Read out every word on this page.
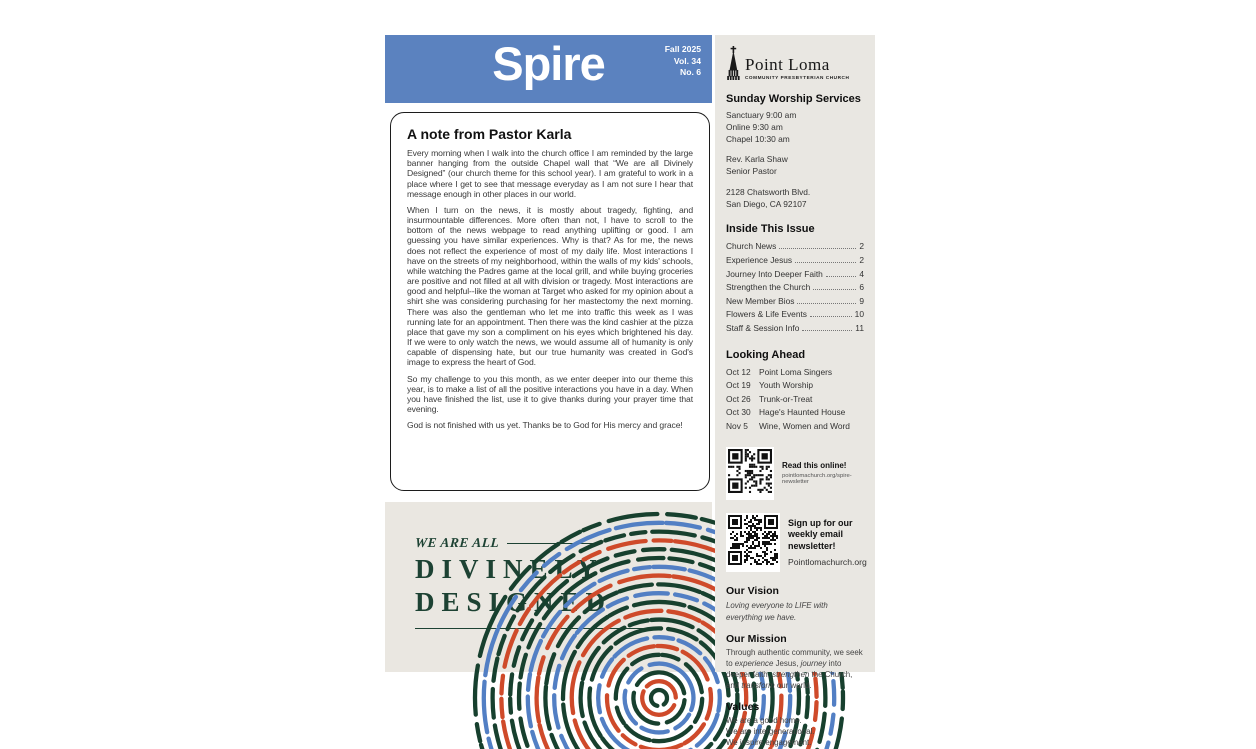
Spire	Fall 2025
Vol. 34
No. 6
A note from Pastor Karla

Every morning when I walk into the church office I am reminded by the large banner hanging from the outside Chapel wall that “We are all Divinely Designed” (our church theme for this school year). I am grateful to work in a place where I get to see that message everyday as I am not sure I hear that message enough in other places in our world.

When I turn on the news, it is mostly about tragedy, fighting, and insurmountable differences. More often than not, I have to scroll to the bottom of the news webpage to read anything uplifting or good. I am guessing you have similar experiences. Why is that? As for me, the news does not reflect the experience of most of my daily life. Most interactions I have on the streets of my neighborhood, within the walls of my kids' schools, while watching the Padres game at the local grill, and while buying groceries are positive and not filled at all with division or tragedy. Most interactions are good and helpful--like the woman at Target who asked for my opinion about a shirt she was considering purchasing for her mastectomy the next morning. There was also the gentleman who let me into traffic this week as I was running late for an appointment. Then there was the kind cashier at the pizza place that gave my son a compliment on his eyes which brightened his day. If we were to only watch the news, we would assume all of humanity is only capable of dispensing hate, but our true humanity was created in God's image to express the heart of God.

So my challenge to you this month, as we enter deeper into our theme this year, is to make a list of all the positive interactions you have in a day. When you have finished the list, use it to give thanks during your prayer time that evening.

God is not finished with us yet. Thanks be to God for His mercy and grace!

WE ARE ALL
DIVINELY
DESIGNED
Point Loma
COMMUNITY PRESBYTERIAN CHURCH
Sunday Worship Services
Sanctuary 9:00 am
Online 9:30 am
Chapel 10:30 am
Rev. Karla Shaw
Senior Pastor
2128 Chatsworth Blvd.
San Diego, CA 92107
Inside This Issue
Church News	2
Experience Jesus	2
Journey Into Deeper Faith	4
Strengthen the Church	6
New Member Bios	9
Flowers & Life Events	10
Staff & Session Info	11
Looking Ahead
Oct 12 Point Loma Singers
Oct 19 Youth Worship
Oct 26 Trunk-or-Treat
Oct 30 Hage's Haunted House
Nov 5	Wine, Women and Word
Read this online!
pointlomachurch.org/spire-newsletter
Sign up for our weekly email newsletter!
Pointlomachurch.org
Our Vision
Loving everyone to LIFE with everything we have.
Our Mission
Through authentic community, we seek to experience Jesus, journey into deeper faith, strengthen the Church, and transform our world.
Values
We are a good home.
We are intergenerational.
We inspire engagement.
